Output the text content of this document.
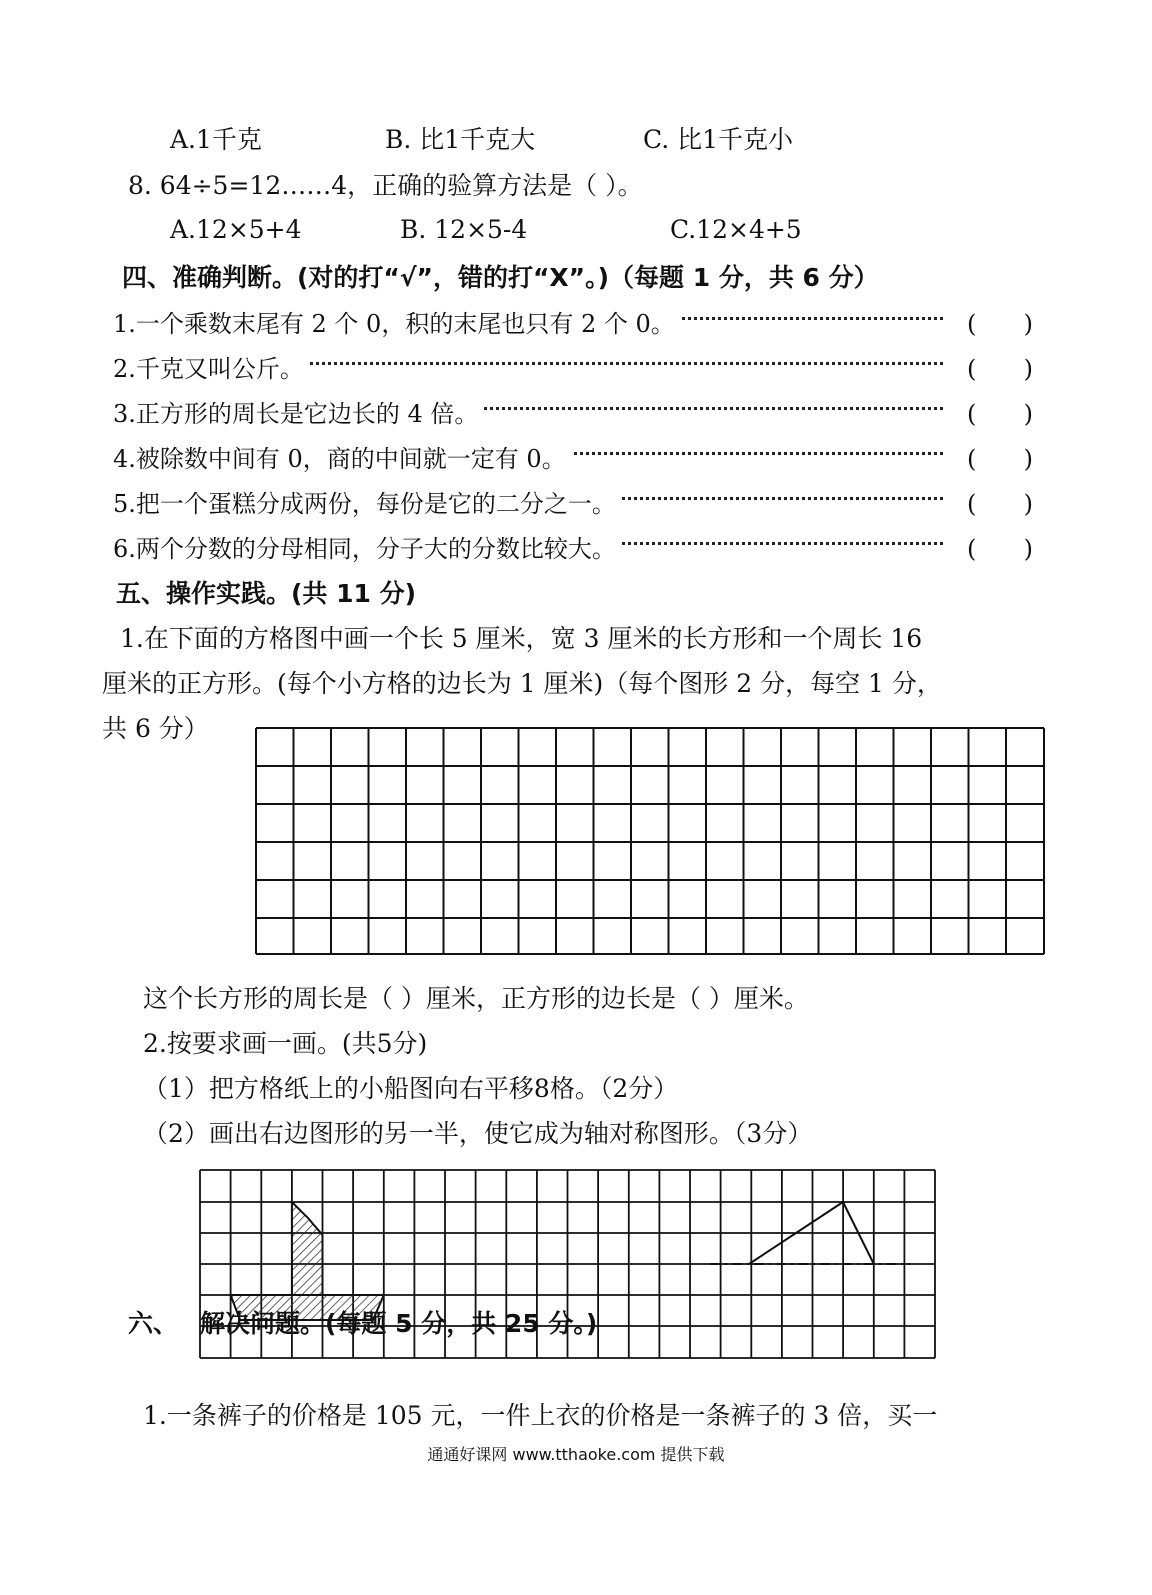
A.1千克	B. 比1千克大	C. 比1千克小
8. 64÷5=12……4，正确的验算方法是（ ）。
A.12×5+4	B. 12×5-4	C.12×4+5
四、准确判断。(对的打“√”，错的打“X”。)（每题 1 分，共 6 分）
1.一个乘数末尾有 2 个 0，积的末尾也只有 2 个 0。	( )
2.千克又叫公斤。	( )
3.正方形的周长是它边长的 4 倍。	( )
4.被除数中间有 0，商的中间就一定有 0。	( )
5.把一个蛋糕分成两份，每份是它的二分之一。	( )
6.两个分数的分母相同，分子大的分数比较大。	( )
五、操作实践。(共 11 分)
1.在下面的方格图中画一个长 5 厘米，宽 3 厘米的长方形和一个周长 16
厘米的正方形。(每个小方格的边长为 1 厘米)（每个图形 2 分，每空 1 分，
共 6 分）
这个长方形的周长是（ ）厘米，正方形的边长是（ ）厘米。
2.按要求画一画。(共5分)
（1）把方格纸上的小船图向右平移8格。（2分）
（2）画出右边图形的另一半，使它成为轴对称图形。（3分）
六、 解决问题。(每题 5 分，共 25 分。)
1.一条裤子的价格是 105 元，一件上衣的价格是一条裤子的 3 倍，买一
通通好课网 www.tthaoke.com 提供下载
